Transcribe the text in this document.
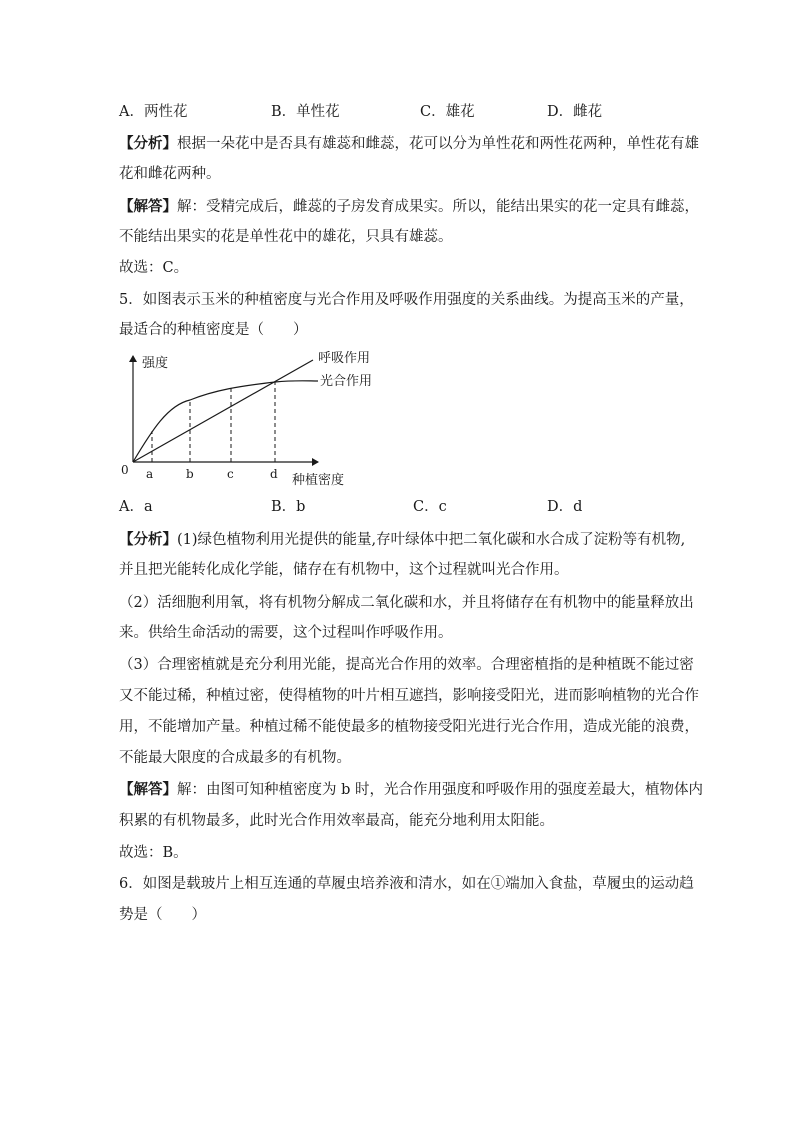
A．两性花	B．单性花	C．雄花	D．雌花
【分析】根据一朵花中是否具有雄蕊和雌蕊，花可以分为单性花和两性花两种，单性花有雄
花和雌花两种。
【解答】解：受精完成后，雌蕊的子房发育成果实。所以，能结出果实的花一定具有雌蕊，
不能结出果实的花是单性花中的雄花，只具有雄蕊。
故选：C。
5．如图表示玉米的种植密度与光合作用及呼吸作用强度的关系曲线。为提高玉米的产量，
最适合的种植密度是（　　）
强度
种植密度
0 a	b	c	d
呼吸作用
光合作用
A．a	B．b	C．c	D．d
【分析】(1)绿色植物利用光提供的能量,存叶绿体中把二氧化碳和水合成了淀粉等有机物,
并且把光能转化成化学能，储存在有机物中，这个过程就叫光合作用。
（2）活细胞利用氧，将有机物分解成二氧化碳和水，并且将储存在有机物中的能量释放出
来。供给生命活动的需要，这个过程叫作呼吸作用。
（3）合理密植就是充分利用光能，提高光合作用的效率。合理密植指的是种植既不能过密
又不能过稀，种植过密，使得植物的叶片相互遮挡，影响接受阳光，进而影响植物的光合作
用，不能增加产量。种植过稀不能使最多的植物接受阳光进行光合作用，造成光能的浪费，
不能最大限度的合成最多的有机物。
【解答】解：由图可知种植密度为 b 时，光合作用强度和呼吸作用的强度差最大，植物体内
积累的有机物最多，此时光合作用效率最高，能充分地利用太阳能。
故选：B。
6．如图是载玻片上相互连通的草履虫培养液和清水，如在①端加入食盐，草履虫的运动趋
势是（　　）
